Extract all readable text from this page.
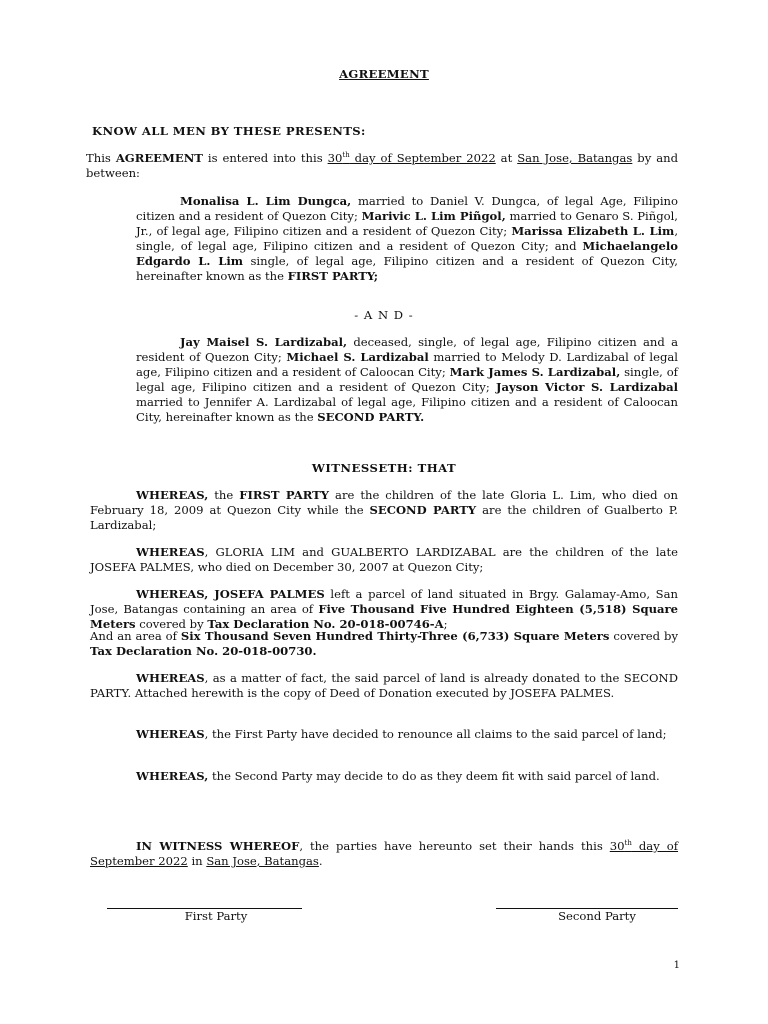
AGREEMENT
KNOW ALL MEN BY THESE PRESENTS:
This AGREEMENT is entered into this 30th day of September 2022 at San Jose, Batangas by and between:
Monalisa L. Lim Dungca, married to Daniel V. Dungca, of legal Age, Filipino citizen and a resident of Quezon City; Marivic L. Lim Piñgol, married to Genaro S. Piñgol, Jr., of legal age, Filipino citizen and a resident of Quezon City; Marissa Elizabeth L. Lim, single, of legal age, Filipino citizen and a resident of Quezon City; and Michaelangelo Edgardo L. Lim single, of legal age, Filipino citizen and a resident of Quezon City, hereinafter known as the FIRST PARTY;
- A N D -
Jay Maisel S. Lardizabal, deceased, single, of legal age, Filipino citizen and a resident of Quezon City; Michael S. Lardizabal married to Melody D. Lardizabal of legal age, Filipino citizen and a resident of Caloocan City; Mark James S. Lardizabal, single, of legal age, Filipino citizen and a resident of Quezon City; Jayson Victor S. Lardizabal married to Jennifer A. Lardizabal of legal age, Filipino citizen and a resident of Caloocan City, hereinafter known as the SECOND PARTY.
WITNESSETH: THAT
WHEREAS, the FIRST PARTY are the children of the late Gloria L. Lim, who died on February 18, 2009 at Quezon City while the SECOND PARTY are the children of Gualberto P. Lardizabal;
WHEREAS, GLORIA LIM and GUALBERTO LARDIZABAL are the children of the late JOSEFA PALMES, who died on December 30, 2007 at Quezon City;
WHEREAS, JOSEFA PALMES left a parcel of land situated in Brgy. Galamay-Amo, San Jose, Batangas containing an area of Five Thousand Five Hundred Eighteen (5,518) Square Meters covered by Tax Declaration No. 20-018-00746-A;
And an area of Six Thousand Seven Hundred Thirty-Three (6,733) Square Meters covered by Tax Declaration No. 20-018-00730.
WHEREAS, as a matter of fact, the said parcel of land is already donated to the SECOND PARTY. Attached herewith is the copy of Deed of Donation executed by JOSEFA PALMES.
WHEREAS, the First Party have decided to renounce all claims to the said parcel of land;
WHEREAS, the Second Party may decide to do as they deem fit with said parcel of land.
IN WITNESS WHEREOF, the parties have hereunto set their hands this 30th day of September 2022 in San Jose, Batangas.
First Party	Second Party
1
